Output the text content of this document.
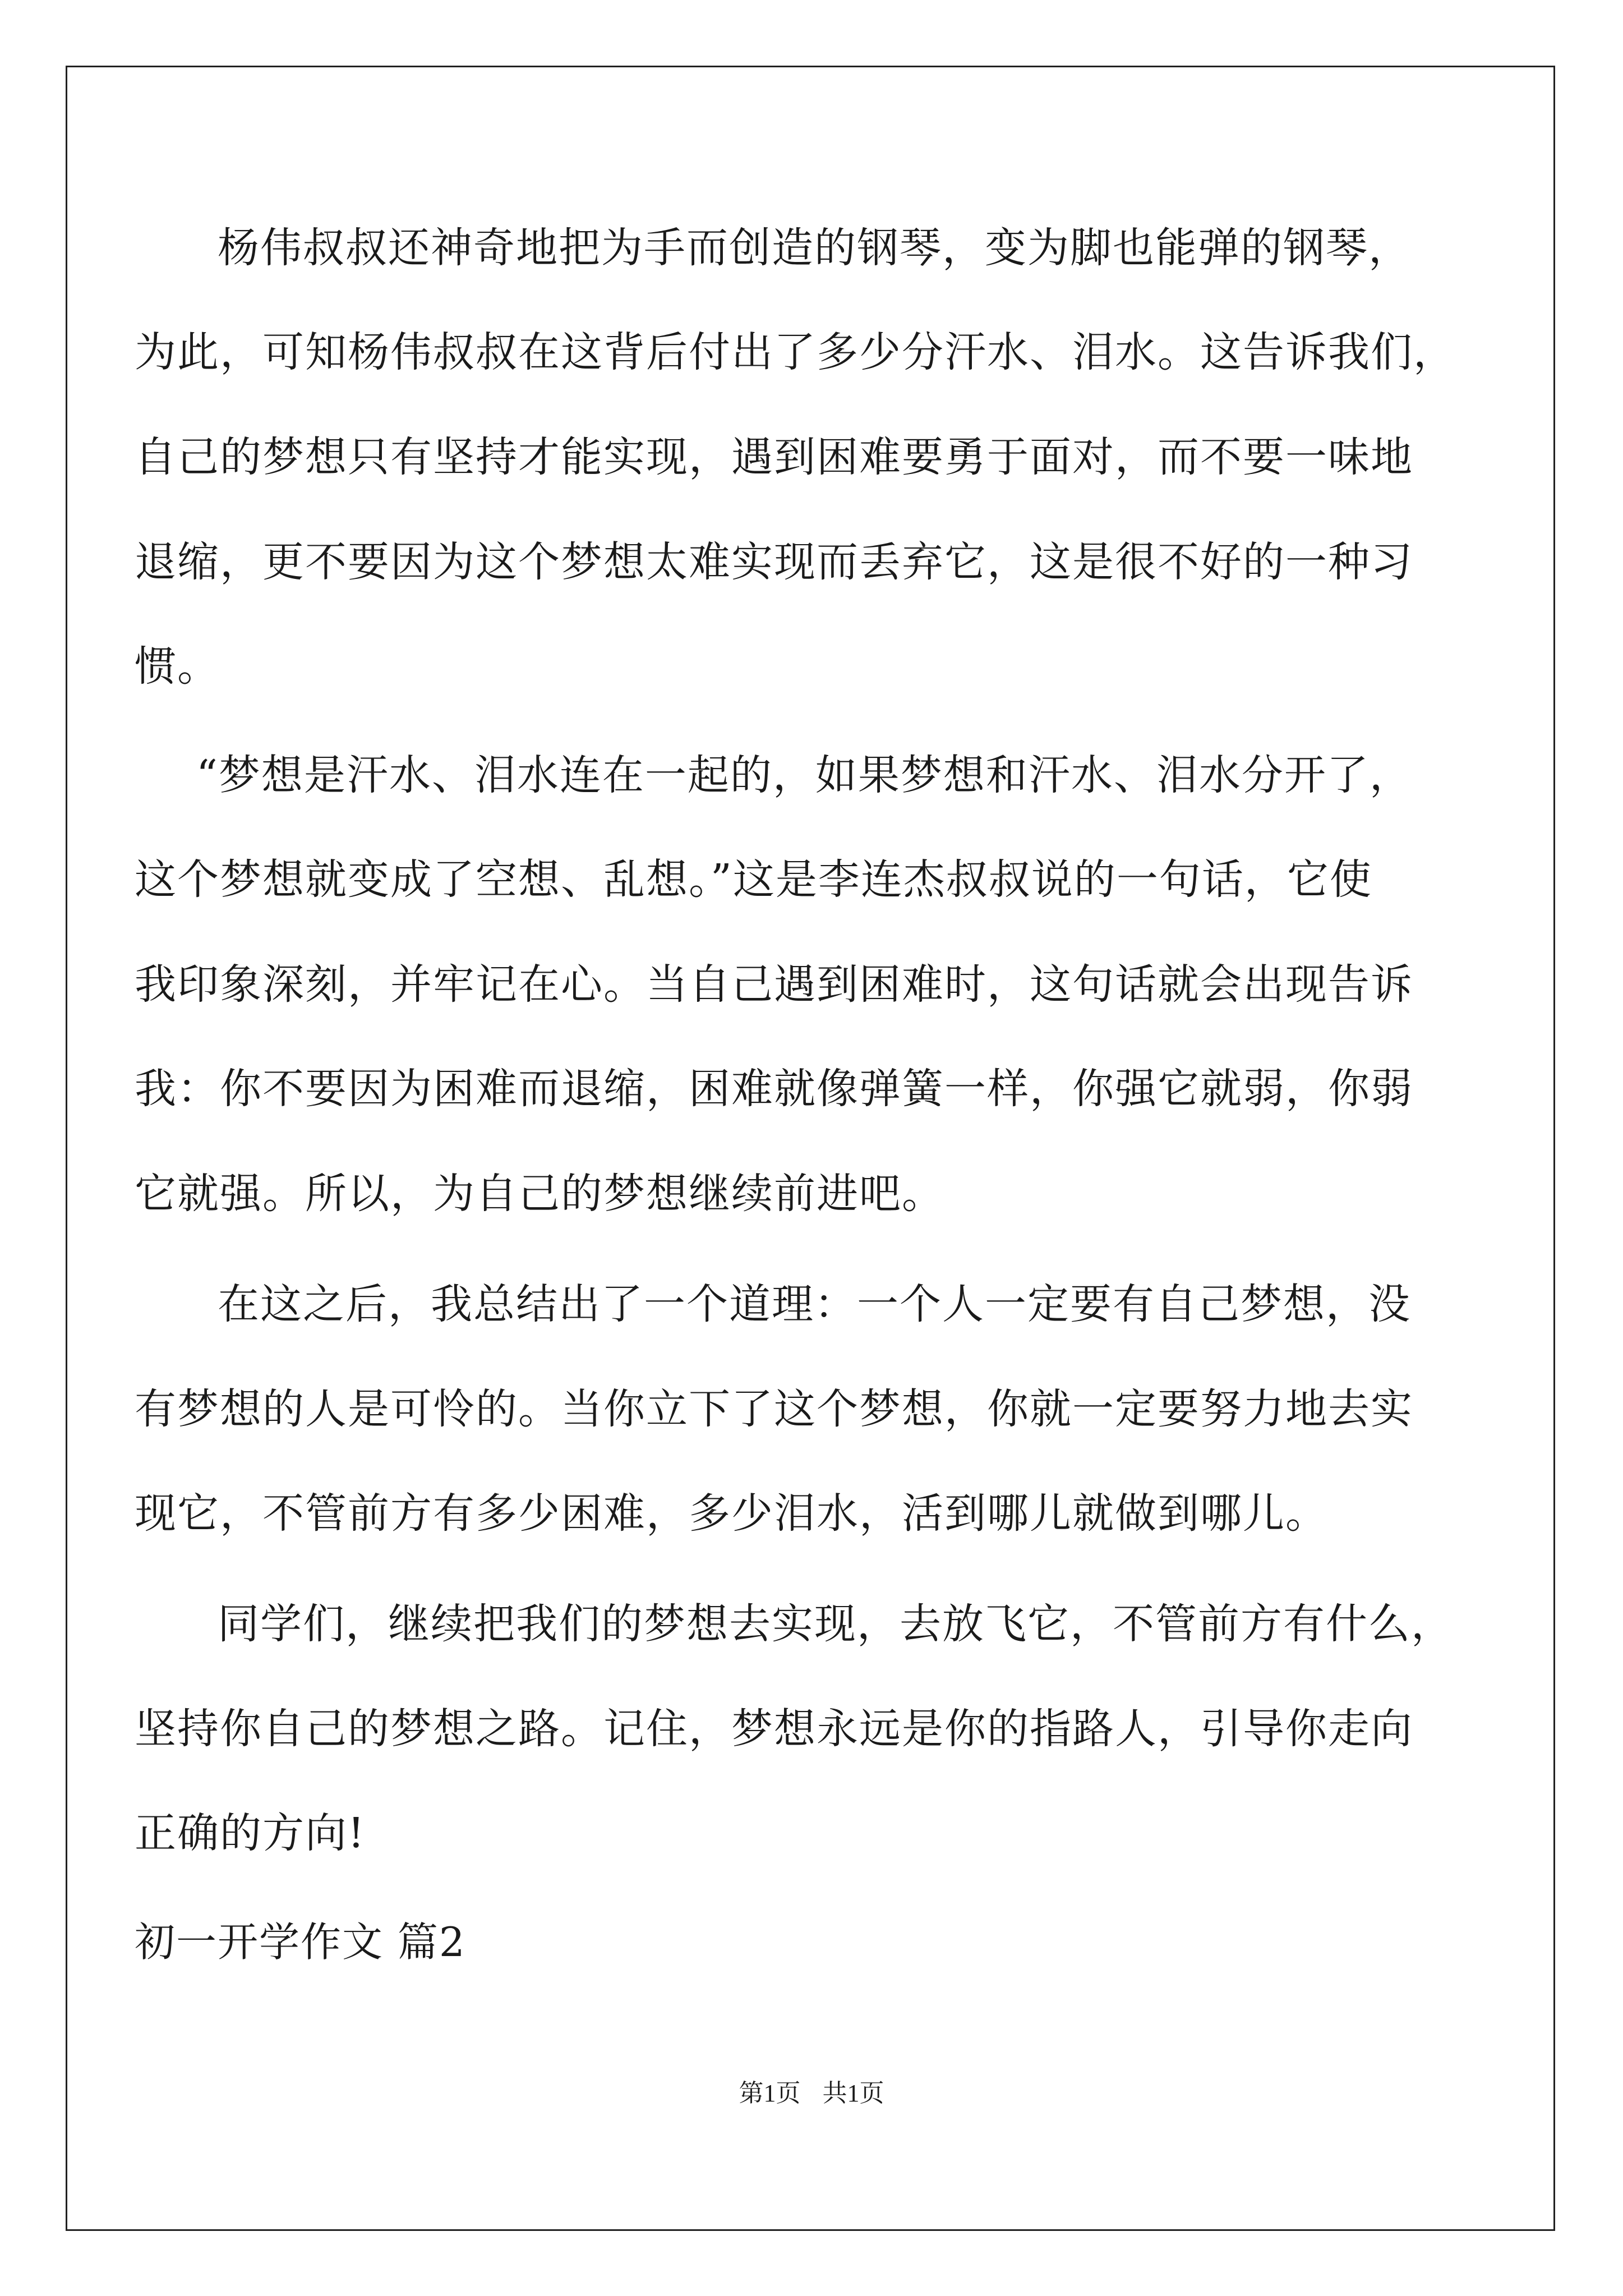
杨伟叔叔还神奇地把为手而创造的钢琴，变为脚也能弹的钢琴，
为此，可知杨伟叔叔在这背后付出了多少分汗水、泪水。这告诉我们，
自己的梦想只有坚持才能实现，遇到困难要勇于面对，而不要一味地
退缩，更不要因为这个梦想太难实现而丢弃它，这是很不好的一种习
惯。
“梦想是汗水、泪水连在一起的，如果梦想和汗水、泪水分开了，
这个梦想就变成了空想、乱想。”这是李连杰叔叔说的一句话，它使
我印象深刻，并牢记在心。当自己遇到困难时，这句话就会出现告诉
我：你不要因为困难而退缩，困难就像弹簧一样，你强它就弱，你弱
它就强。所以，为自己的梦想继续前进吧。
在这之后，我总结出了一个道理：一个人一定要有自己梦想，没
有梦想的人是可怜的。当你立下了这个梦想，你就一定要努力地去实
现它，不管前方有多少困难，多少泪水，活到哪儿就做到哪儿。
同学们，继续把我们的梦想去实现，去放飞它，不管前方有什么，
坚持你自己的梦想之路。记住，梦想永远是你的指路人，引导你走向
正确的方向!
初一开学作文 篇2
第1页 共1页
